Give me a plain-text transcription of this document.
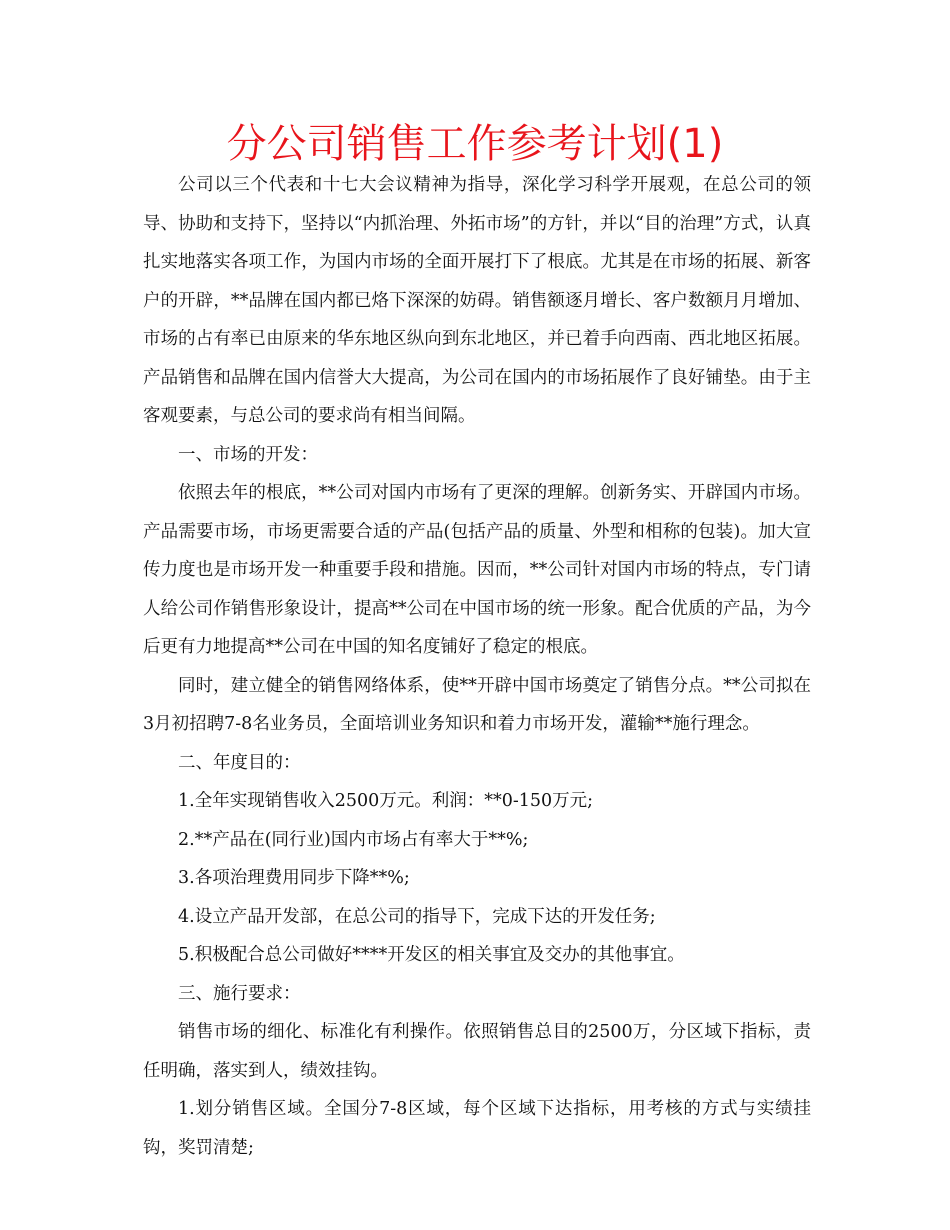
分公司销售工作参考计划(1)

公司以三个代表和十七大会议精神为指导，深化学习科学开展观，在总公司的领导、协助和支持下，坚持以“内抓治理、外拓市场”的方针，并以“目的治理”方式，认真扎实地落实各项工作，为国内市场的全面开展打下了根底。尤其是在市场的拓展、新客户的开辟，**品牌在国内都已烙下深深的妨碍。销售额逐月增长、客户数额月月增加、市场的占有率已由原来的华东地区纵向到东北地区，并已着手向西南、西北地区拓展。产品销售和品牌在国内信誉大大提高，为公司在国内的市场拓展作了良好铺垫。由于主客观要素，与总公司的要求尚有相当间隔。

一、市场的开发：

依照去年的根底，**公司对国内市场有了更深的理解。创新务实、开辟国内市场。产品需要市场，市场更需要合适的产品(包括产品的质量、外型和相称的包装)。加大宣传力度也是市场开发一种重要手段和措施。因而，**公司针对国内市场的特点，专门请人给公司作销售形象设计，提高**公司在中国市场的统一形象。配合优质的产品，为今后更有力地提高**公司在中国的知名度铺好了稳定的根底。

同时，建立健全的销售网络体系，使**开辟中国市场奠定了销售分点。**公司拟在3月初招聘7-8名业务员，全面培训业务知识和着力市场开发，灌输**施行理念。

二、年度目的：

1.全年实现销售收入2500万元。利润：**0-150万元;

2.**产品在(同行业)国内市场占有率大于**%;

3.各项治理费用同步下降**%;

4.设立产品开发部，在总公司的指导下，完成下达的开发任务;

5.积极配合总公司做好****开发区的相关事宜及交办的其他事宜。

三、施行要求：

销售市场的细化、标准化有利操作。依照销售总目的2500万，分区域下指标，责任明确，落实到人，绩效挂钩。

1.划分销售区域。全国分7-8区域，每个区域下达指标，用考核的方式与实绩挂钩，奖罚清楚;
